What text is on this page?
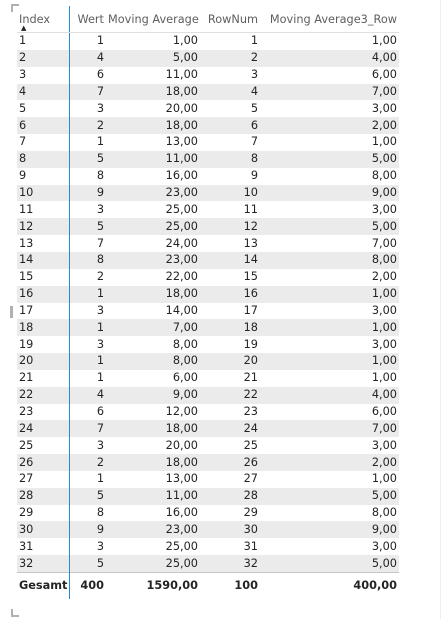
Index
▲	Wert	Moving Average	RowNum	Moving Average3_Row
1	1	1,00	1	1,00
2	4	5,00	2	4,00
3	6	11,00	3	6,00
4	7	18,00	4	7,00
5	3	20,00	5	3,00
6	2	18,00	6	2,00
7	1	13,00	7	1,00
8	5	11,00	8	5,00
9	8	16,00	9	8,00
10	9	23,00	10	9,00
11	3	25,00	11	3,00
12	5	25,00	12	5,00
13	7	24,00	13	7,00
14	8	23,00	14	8,00
15	2	22,00	15	2,00
16	1	18,00	16	1,00
17	3	14,00	17	3,00
18	1	7,00	18	1,00
19	3	8,00	19	3,00
20	1	8,00	20	1,00
21	1	6,00	21	1,00
22	4	9,00	22	4,00
23	6	12,00	23	6,00
24	7	18,00	24	7,00
25	3	20,00	25	3,00
26	2	18,00	26	2,00
27	1	13,00	27	1,00
28	5	11,00	28	5,00
29	8	16,00	29	8,00
30	9	23,00	30	9,00
31	3	25,00	31	3,00
32	5	25,00	32	5,00
Gesamt	400	1590,00	100	400,00
